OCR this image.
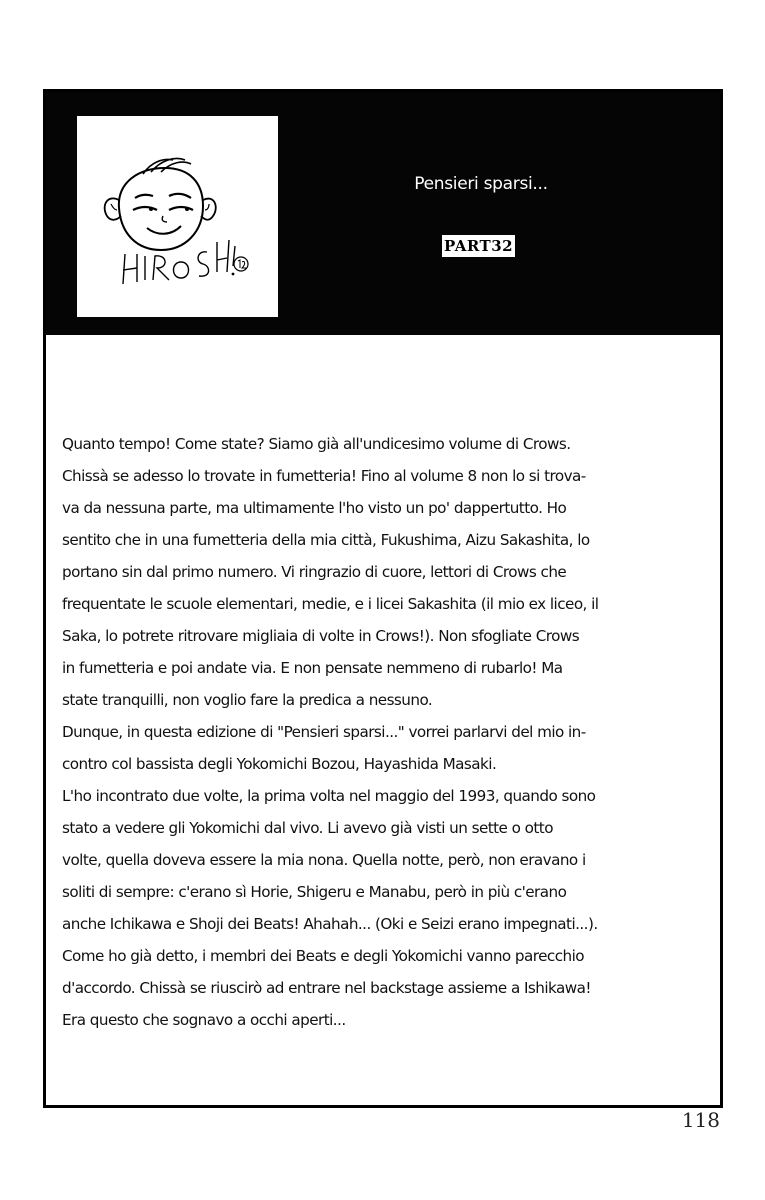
Pensieri sparsi...
PART32
Quanto tempo! Come state? Siamo già all'undicesimo volume di Crows.
Chissà se adesso lo trovate in fumetteria! Fino al volume 8 non lo si trova-
va da nessuna parte, ma ultimamente l'ho visto un po' dappertutto. Ho
sentito che in una fumetteria della mia città, Fukushima, Aizu Sakashita, lo
portano sin dal primo numero. Vi ringrazio di cuore, lettori di Crows che
frequentate le scuole elementari, medie, e i licei Sakashita (il mio ex liceo, il
Saka, lo potrete ritrovare migliaia di volte in Crows!). Non sfogliate Crows
in fumetteria e poi andate via. E non pensate nemmeno di rubarlo! Ma
state tranquilli, non voglio fare la predica a nessuno.
Dunque, in questa edizione di "Pensieri sparsi..." vorrei parlarvi del mio in-
contro col bassista degli Yokomichi Bozou, Hayashida Masaki.
L'ho incontrato due volte, la prima volta nel maggio del 1993, quando sono
stato a vedere gli Yokomichi dal vivo. Li avevo già visti un sette o otto
volte, quella doveva essere la mia nona. Quella notte, però, non eravano i
soliti di sempre: c'erano sì Horie, Shigeru e Manabu, però in più c'erano
anche Ichikawa e Shoji dei Beats! Ahahah... (Oki e Seizi erano impegnati...).
Come ho già detto, i membri dei Beats e degli Yokomichi vanno parecchio
d'accordo. Chissà se riuscirò ad entrare nel backstage assieme a Ishikawa!
Era questo che sognavo a occhi aperti...
118
